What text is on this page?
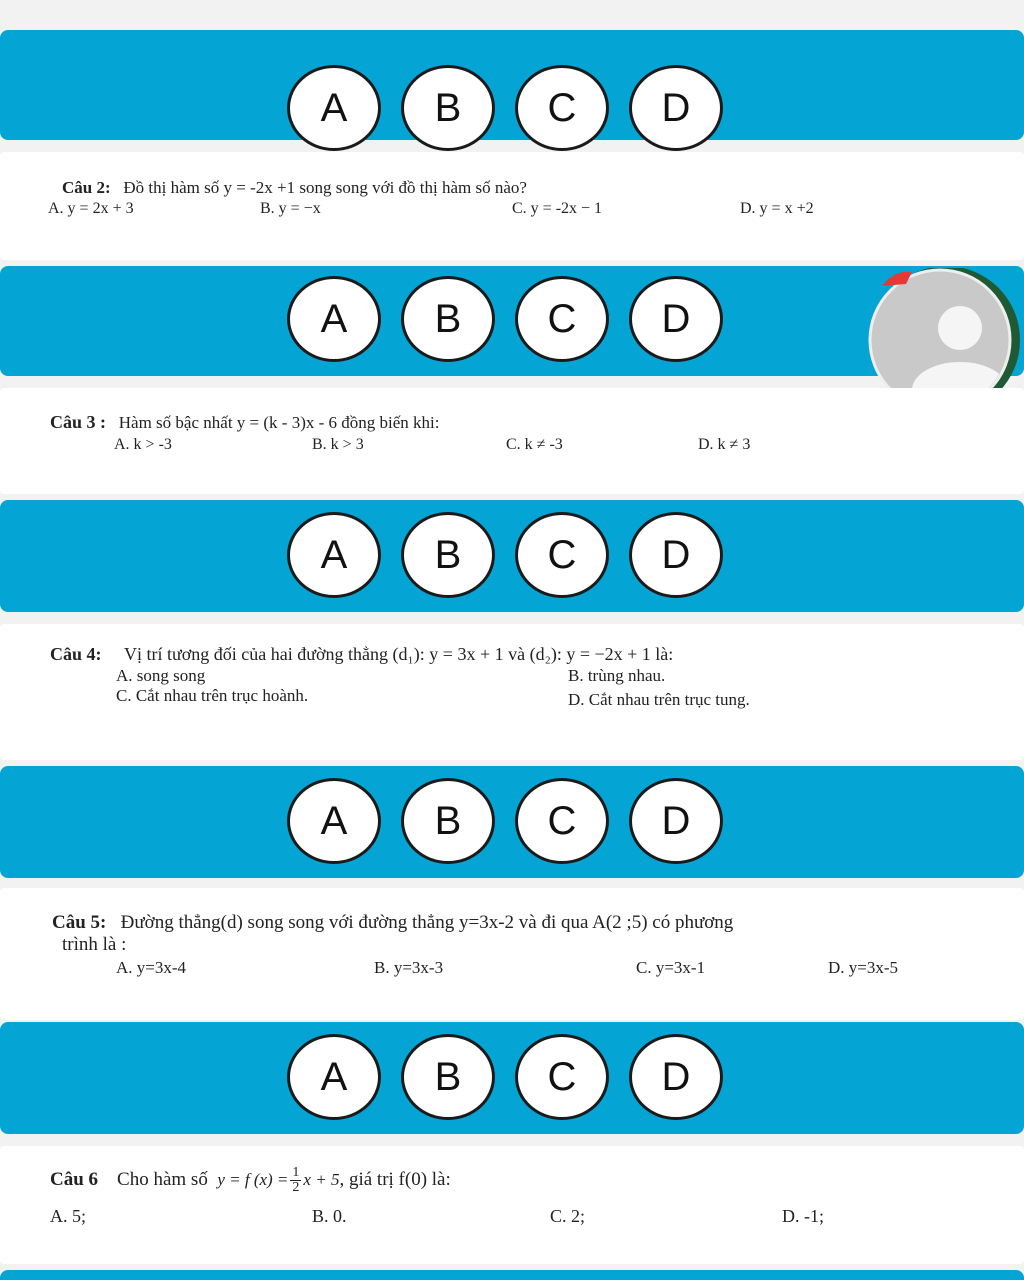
A	B	C	D
Câu 2: Đồ thị hàm số y = -2x +1 song song với đồ thị hàm số nào?
A. y = 2x + 3	B. y = −x	C. y = -2x − 1	D. y = x +2
A	B	C	D
Câu 3 : Hàm số bậc nhất y = (k - 3)x - 6 đồng biến khi:
A. k > -3	B. k > 3	C. k ≠ -3	D. k ≠ 3
A	B	C	D
Câu 4: Vị trí tương đối của hai đường thẳng (d₁): y = 3x + 1 và (d₂): y = −2x + 1 là:
A. song song	B. trùng nhau.
C. Cắt nhau trên trục hoành.	D. Cắt nhau trên trục tung.
A	B	C	D
Câu 5: Đường thẳng(d) song song với đường thẳng y=3x-2 và đi qua A(2 ;5) có phương
trình là :
A. y=3x-4	B. y=3x-3	C. y=3x-1	D. y=3x-5
A	B	C	D
Câu 6 Cho hàm số y = f $(x) = \frac{1}{2}$ x + 5, giá trị f(0) là:
A. 5;	B. 0.	C. 2;	D. -1;
